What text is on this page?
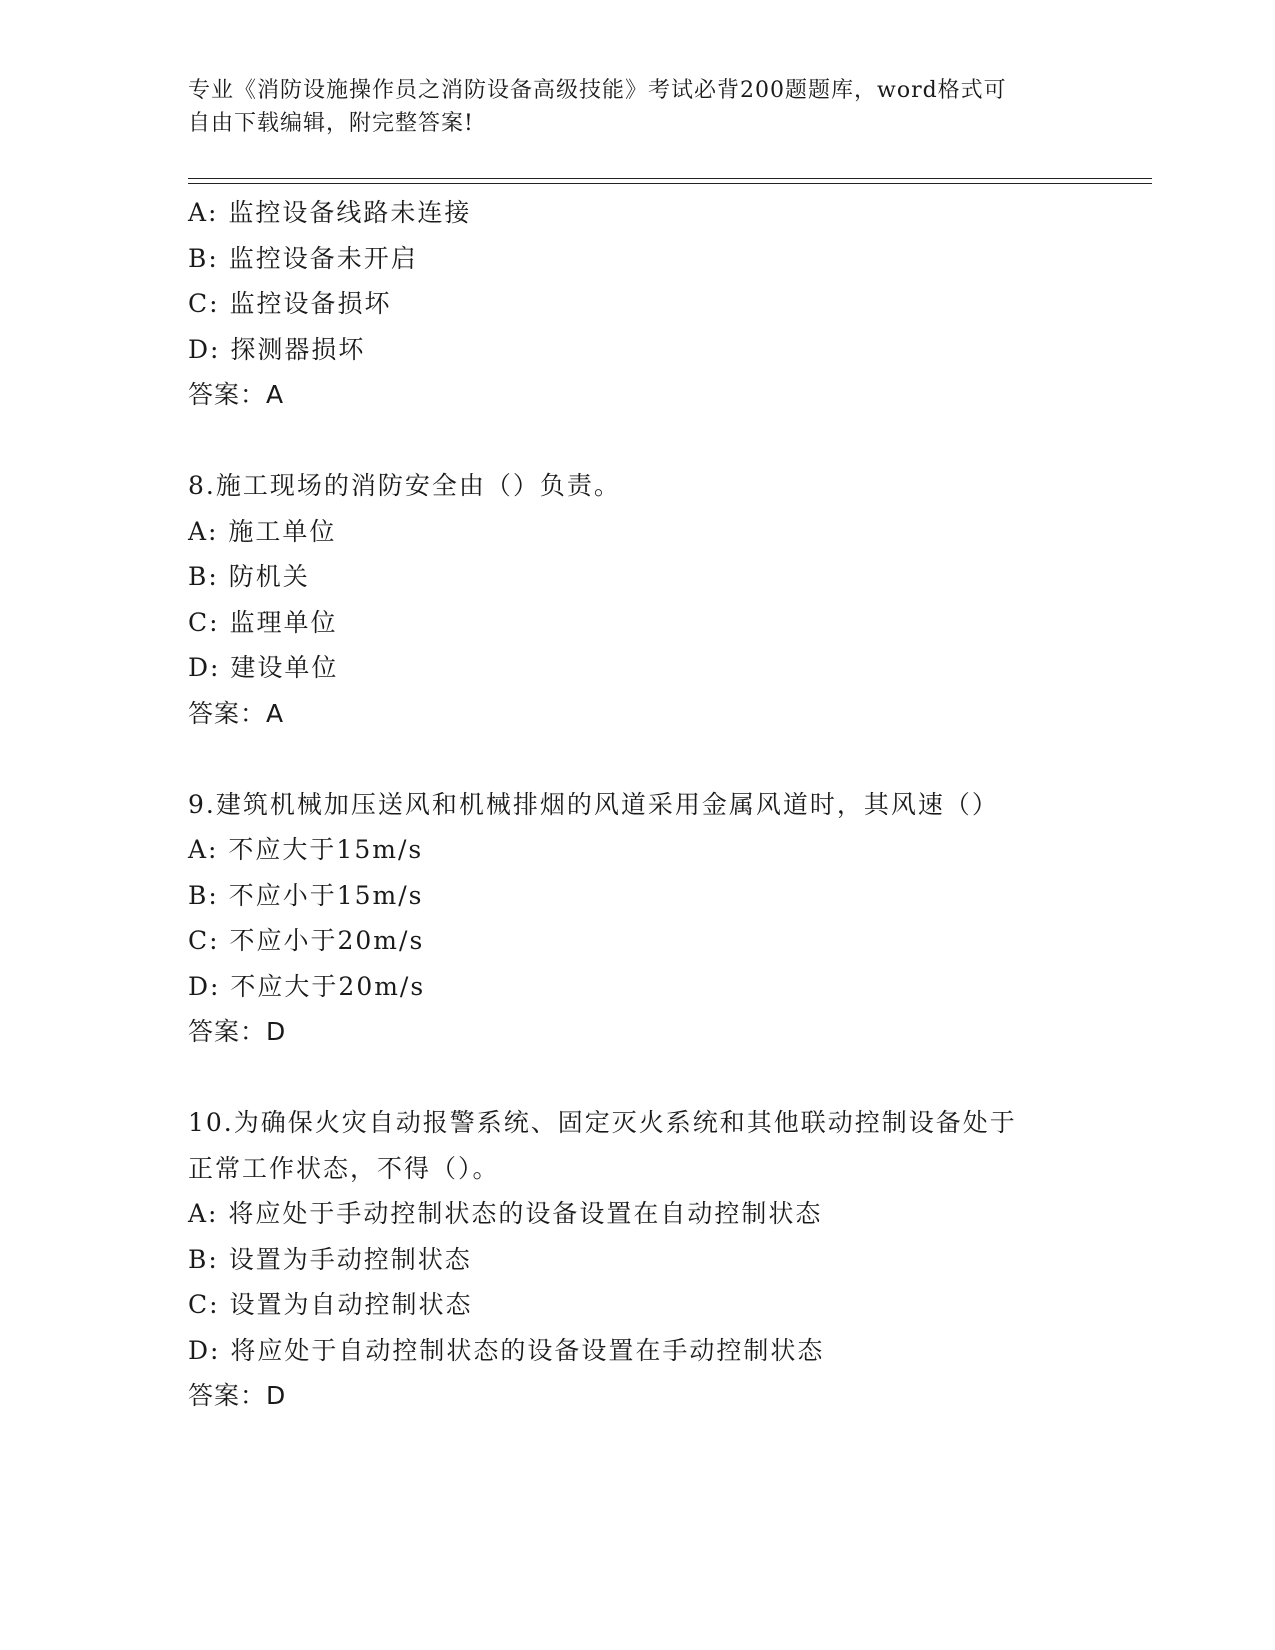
专业《消防设施操作员之消防设备高级技能》考试必背200题题库，word格式可
自由下载编辑，附完整答案!
A: 监控设备线路未连接
B: 监控设备未开启
C: 监控设备损坏
D: 探测器损坏
答案：A
8.施工现场的消防安全由（）负责。
A: 施工单位
B: 防机关
C: 监理单位
D: 建设单位
答案：A
9.建筑机械加压送风和机械排烟的风道采用金属风道时，其风速（）
A: 不应大于15m/s
B: 不应小于15m/s
C: 不应小于20m/s
D: 不应大于20m/s
答案：D
10.为确保火灾自动报警系统、固定灭火系统和其他联动控制设备处于
正常工作状态，不得（）。
A: 将应处于手动控制状态的设备设置在自动控制状态
B: 设置为手动控制状态
C: 设置为自动控制状态
D: 将应处于自动控制状态的设备设置在手动控制状态
答案：D
